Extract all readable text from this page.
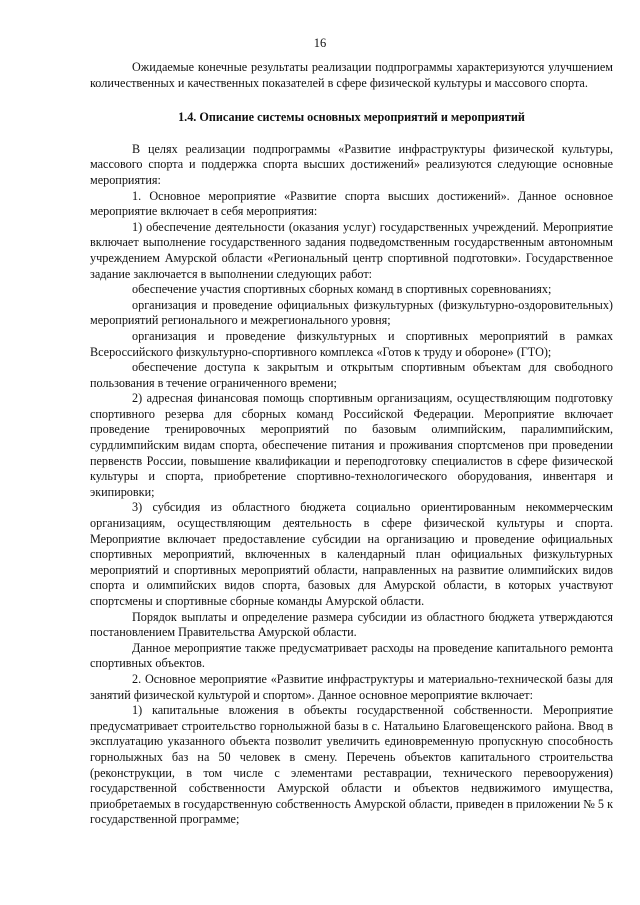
16

Ожидаемые конечные результаты реализации подпрограммы характеризуются улучшением количественных и качественных показателей в сфере физической культуры и массового спорта.

1.4. Описание системы основных мероприятий и мероприятий

В целях реализации подпрограммы «Развитие инфраструктуры физической культуры, массового спорта и поддержка спорта высших достижений» реализуются следующие основные мероприятия:

1. Основное мероприятие «Развитие спорта высших достижений». Данное основное мероприятие включает в себя мероприятия:

1) обеспечение деятельности (оказания услуг) государственных учреждений. Мероприятие включает выполнение государственного задания подведомственным государственным автономным учреждением Амурской области «Региональный центр спортивной подготовки». Государственное задание заключается в выполнении следующих работ:

обеспечение участия спортивных сборных команд в спортивных соревнованиях;

организация и проведение официальных физкультурных (физкультурно-оздоровительных) мероприятий регионального и межрегионального уровня;

организация и проведение физкультурных и спортивных мероприятий в рамках Всероссийского физкультурно-спортивного комплекса «Готов к труду и обороне» (ГТО);

обеспечение доступа к закрытым и открытым спортивным объектам для свободного пользования в течение ограниченного времени;

2) адресная финансовая помощь спортивным организациям, осуществляющим подготовку спортивного резерва для сборных команд Российской Федерации. Мероприятие включает проведение тренировочных мероприятий по базовым олимпийским, паралимпийским, сурдлимпийским видам спорта, обеспечение питания и проживания спортсменов при проведении первенств России, повышение квалификации и переподготовку специалистов в сфере физической культуры и спорта, приобретение спортивно-технологического оборудования, инвентаря и экипировки;

3) субсидия из областного бюджета социально ориентированным некоммерческим организациям, осуществляющим деятельность в сфере физической культуры и спорта. Мероприятие включает предоставление субсидии на организацию и проведение официальных спортивных мероприятий, включенных в календарный план официальных физкультурных мероприятий и спортивных мероприятий области, направленных на развитие олимпийских видов спорта и олимпийских видов спорта, базовых для Амурской области, в которых участвуют спортсмены и спортивные сборные команды Амурской области.

Порядок выплаты и определение размера субсидии из областного бюджета утверждаются постановлением Правительства Амурской области.

Данное мероприятие также предусматривает расходы на проведение капитального ремонта спортивных объектов.

2. Основное мероприятие «Развитие инфраструктуры и материально-технической базы для занятий физической культурой и спортом». Данное основное мероприятие включает:

1) капитальные вложения в объекты государственной собственности. Мероприятие предусматривает строительство горнолыжной базы в с. Натальино Благовещенского района. Ввод в эксплуатацию указанного объекта позволит увеличить единовременную пропускную способность горнолыжных баз на 50 человек в смену. Перечень объектов капитального строительства (реконструкции, в том числе с элементами реставрации, технического перевооружения) государственной собственности Амурской области и объектов недвижимого имущества, приобретаемых в государственную собственность Амурской области, приведен в приложении № 5 к государственной программе;
